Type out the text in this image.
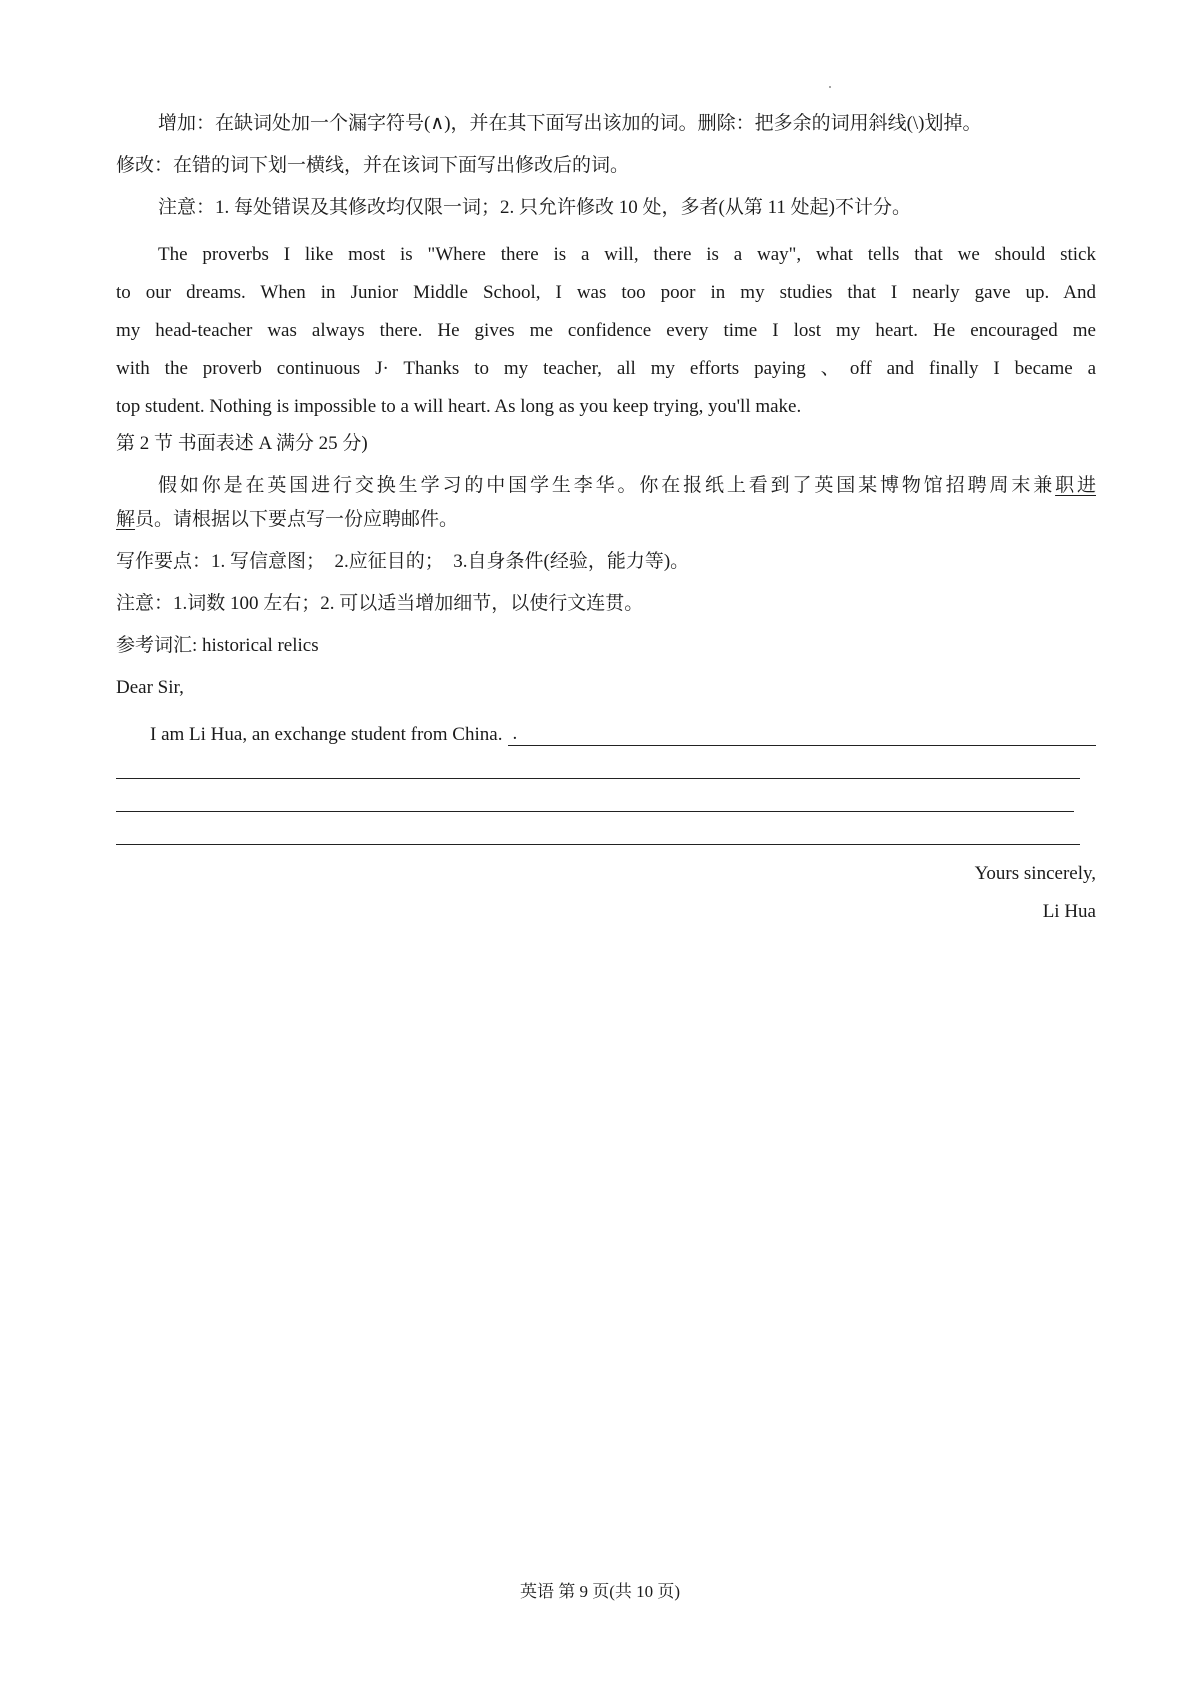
增加：在缺词处加一个漏字符号(∧)，并在其下面写出该加的词。删除：把多余的词用斜线(\)划掉。
修改：在错的词下划一横线，并在该词下面写出修改后的词。
注意：1. 每处错误及其修改均仅限一词；2. 只允许修改 10 处，多者(从第 11 处起)不计分。
The proverbs I like most is "Where there is a will, there is a way", what tells that we should stick
to our dreams. When in Junior Middle School, I was too poor in my studies that I nearly gave up. And
my head-teacher was always there. He gives me confidence every time I lost my heart. He encouraged me
with the proverb continuous J· Thanks to my teacher, all my efforts paying 、off and finally I became a
top student. Nothing is impossible to a will heart. As long as you keep trying, you'll make.
第 2 节 书面表述 A 满分 25 分)
假如你是在英国进行交换生学习的中国学生李华。你在报纸上看到了英国某博物馆招聘周末兼职进
解员。请根据以下要点写一份应聘邮件。
写作要点：1. 写信意图；　2.应征目的；　3.自身条件(经验，能力等)。
注意：1.词数 100 左右；2. 可以适当增加细节，以使行文连贯。
参考词汇: historical relics
Dear Sir,
I am Li Hua, an exchange student from China. .
Yours sincerely,
Li Hua
英语 第 9 页(共 10 页)
